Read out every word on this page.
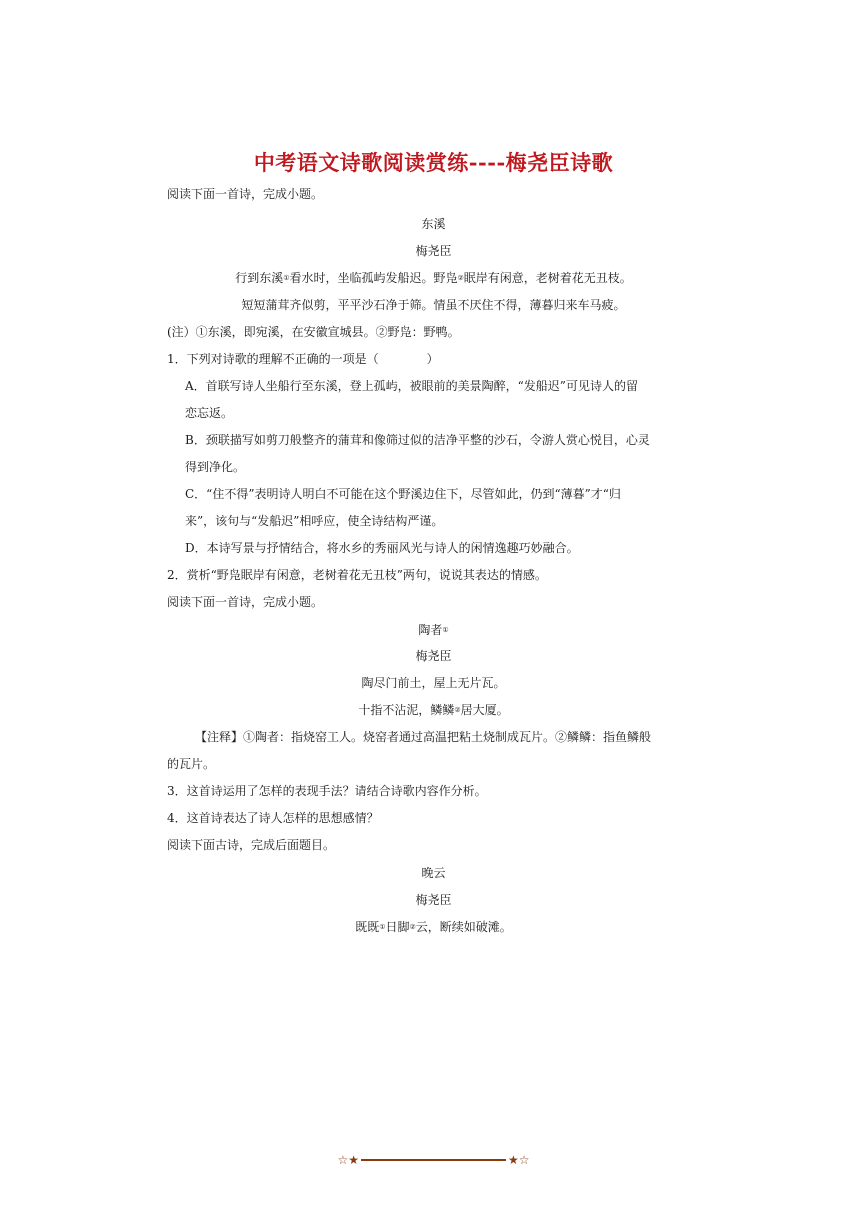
中考语文诗歌阅读赏练----梅尧臣诗歌
阅读下面一首诗，完成小题。
东溪
梅尧臣
行到东溪①看水时，坐临孤屿发船迟。野凫②眠岸有闲意，老树着花无丑枝。
短短蒲茸齐似剪，平平沙石净于筛。情虽不厌住不得，薄暮归来车马疲。
(注）①东溪，即宛溪，在安徽宣城县。②野凫：野鸭。
1．下列对诗歌的理解不正确的一项是（　　　　）
A．首联写诗人坐船行至东溪，登上孤屿，被眼前的美景陶醉，“发船迟”可见诗人的留
恋忘返。
B．颈联描写如剪刀般整齐的蒲茸和像筛过似的洁净平整的沙石，令游人赏心悦目，心灵
得到净化。
C．“住不得”表明诗人明白不可能在这个野溪边住下，尽管如此，仍到“薄暮”才“归
来”，该句与“发船迟”相呼应，使全诗结构严谨。
D．本诗写景与抒情结合，将水乡的秀丽风光与诗人的闲情逸趣巧妙融合。
2．赏析“野凫眠岸有闲意，老树着花无丑枝”两句，说说其表达的情感。
阅读下面一首诗，完成小题。
陶者①
梅尧臣
陶尽门前土，屋上无片瓦。
十指不沾泥，鳞鳞②居大厦。
【注释】①陶者：指烧窑工人。烧窑者通过高温把粘土烧制成瓦片。②鳞鳞：指鱼鳞般
的瓦片。
3．这首诗运用了怎样的表现手法？请结合诗歌内容作分析。
4．这首诗表达了诗人怎样的思想感情？
阅读下面古诗，完成后面题目。
晚云
梅尧臣
既既①日脚②云，断续如破滩。
☆★	★☆
